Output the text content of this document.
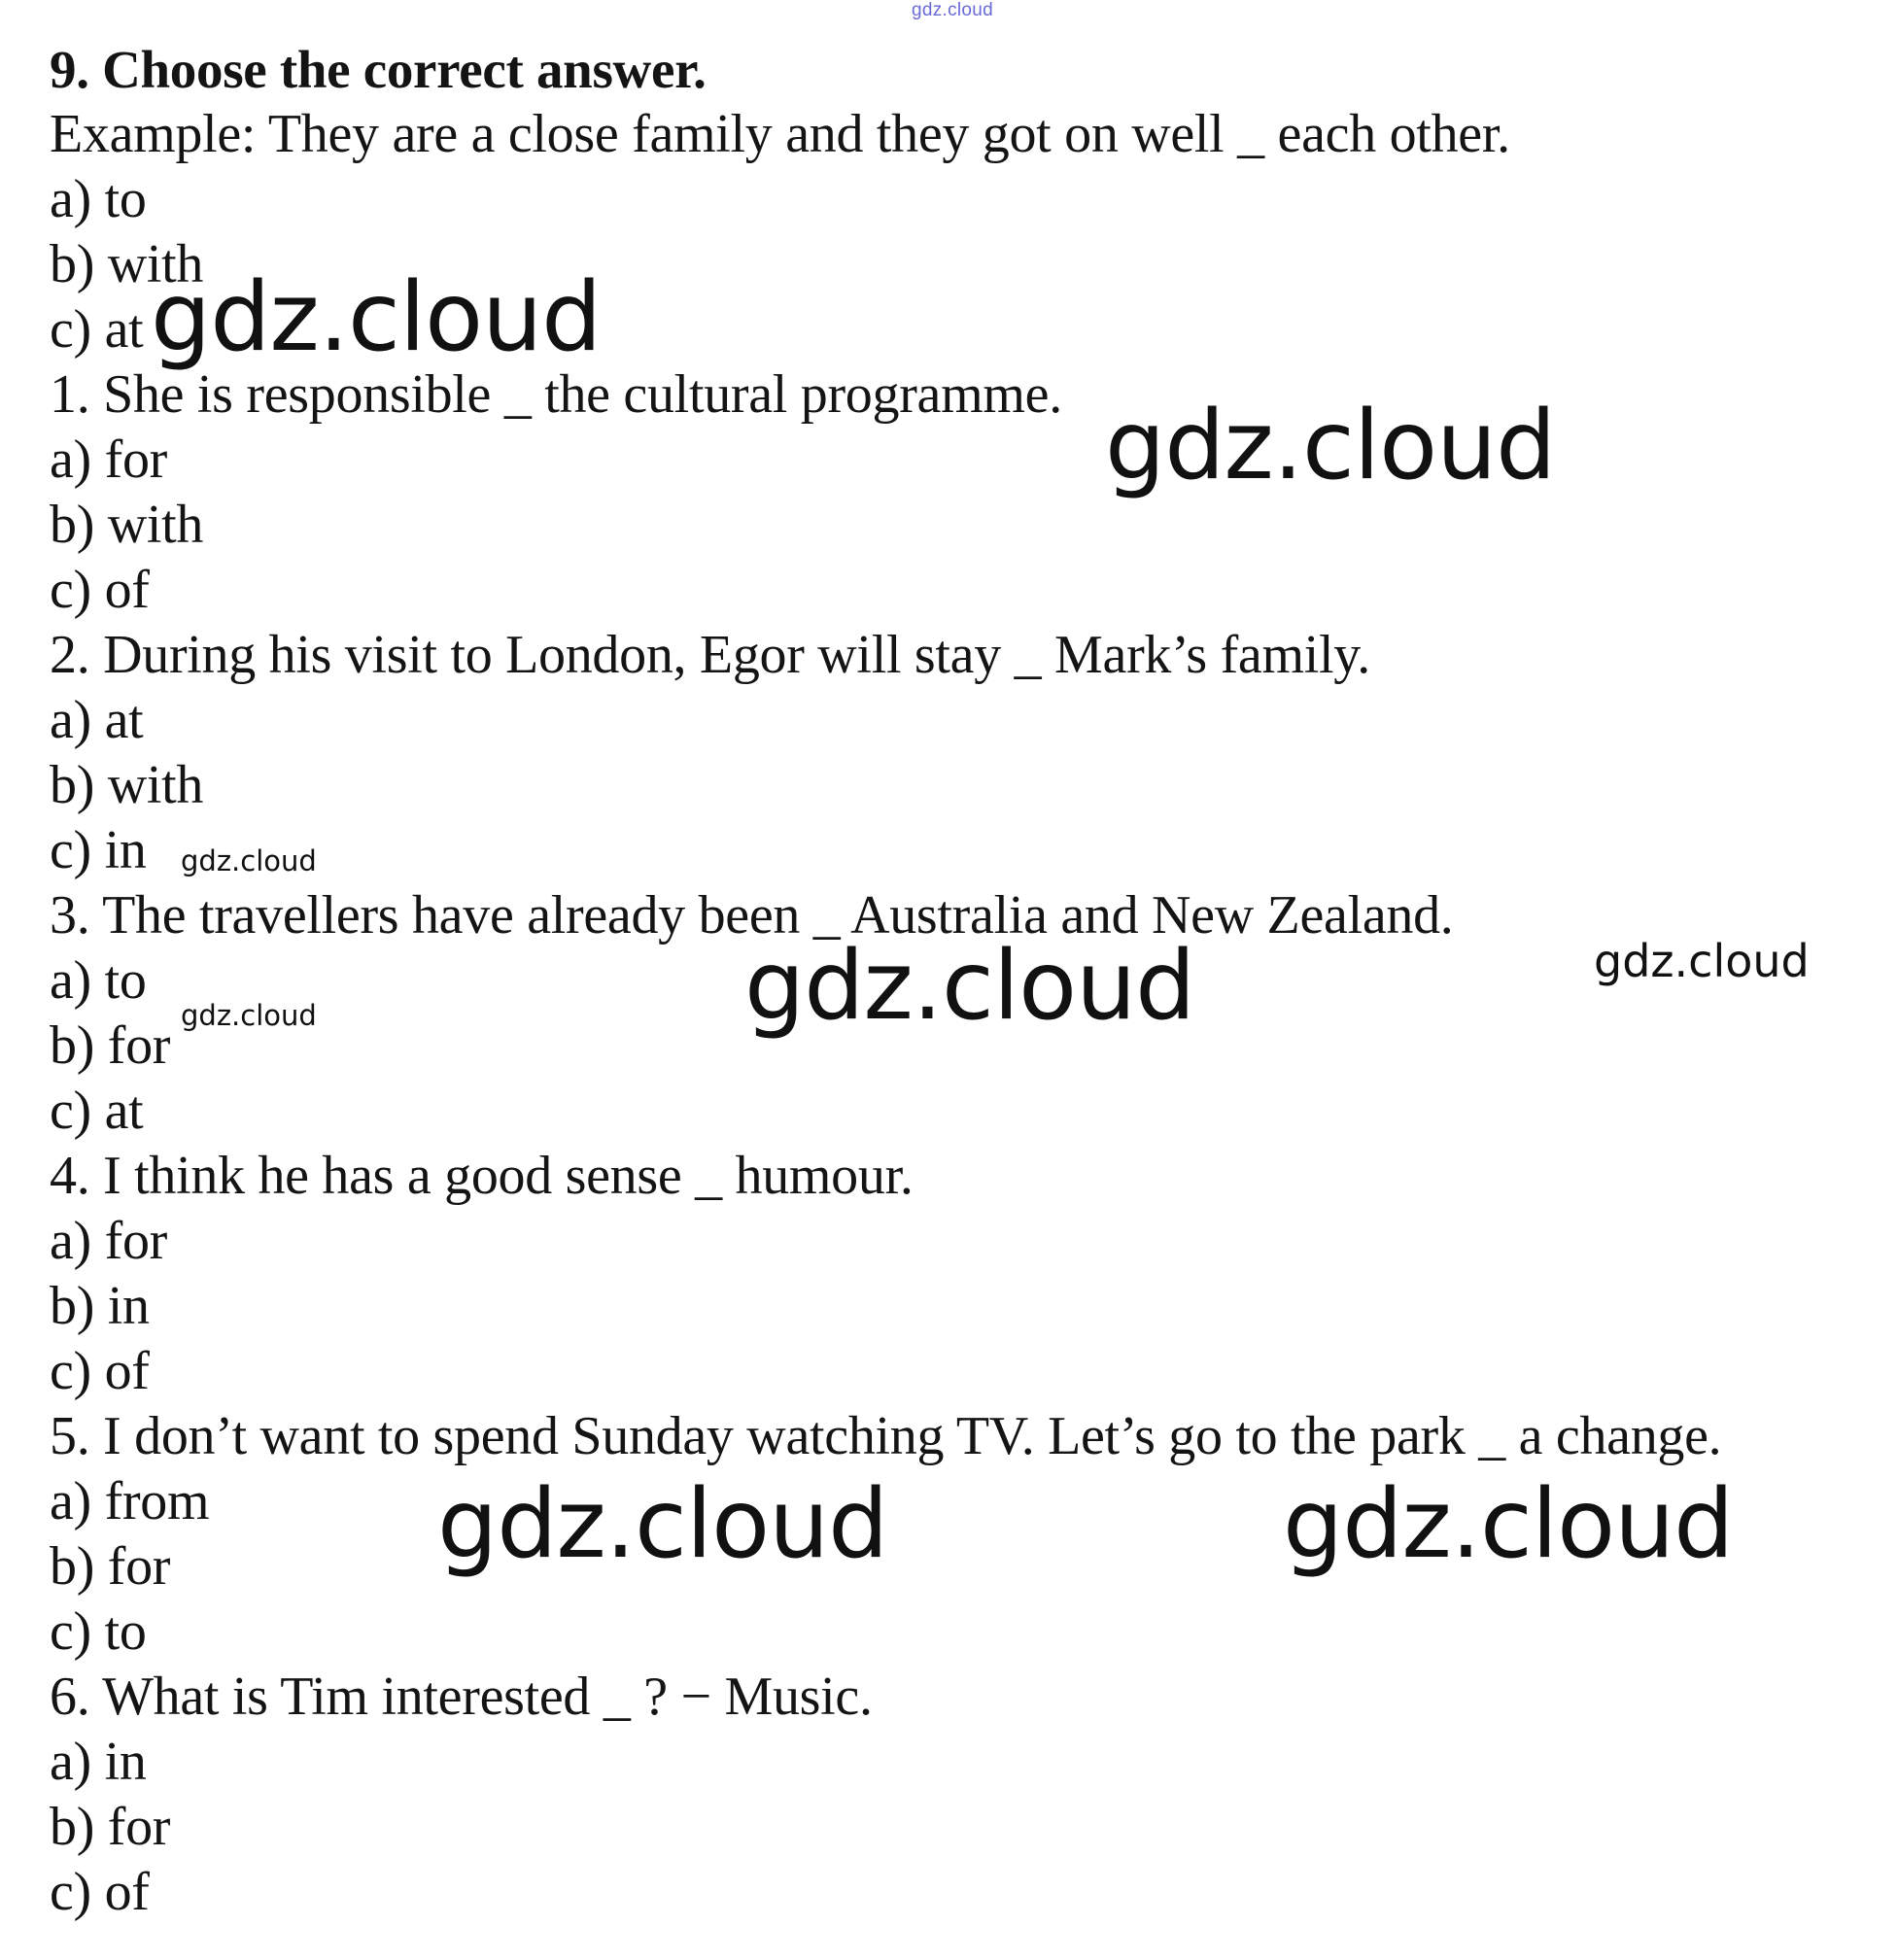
gdz.cloud
9. Choose the correct answer.
Example: They are a close family and they got on well _ each other.
a) to
b) with
c) at
1. She is responsible _ the cultural programme.
a) for
b) with
c) of
2. During his visit to London, Egor will stay _ Mark’s family.
a) at
b) with
c) in
3. The travellers have already been _ Australia and New Zealand.
a) to
b) for
c) at
4. I think he has a good sense _ humour.
a) for
b) in
c) of
5. I don’t want to spend Sunday watching TV. Let’s go to the park _ a change.
a) from
b) for
c) to
6. What is Tim interested _ ? − Music.
a) in
b) for
c) of
gdz.cloud
gdz.cloud
gdz.cloud
gdz.cloud	gdz.cloud
gdz.cloud
gdz.cloud	gdz.cloud
